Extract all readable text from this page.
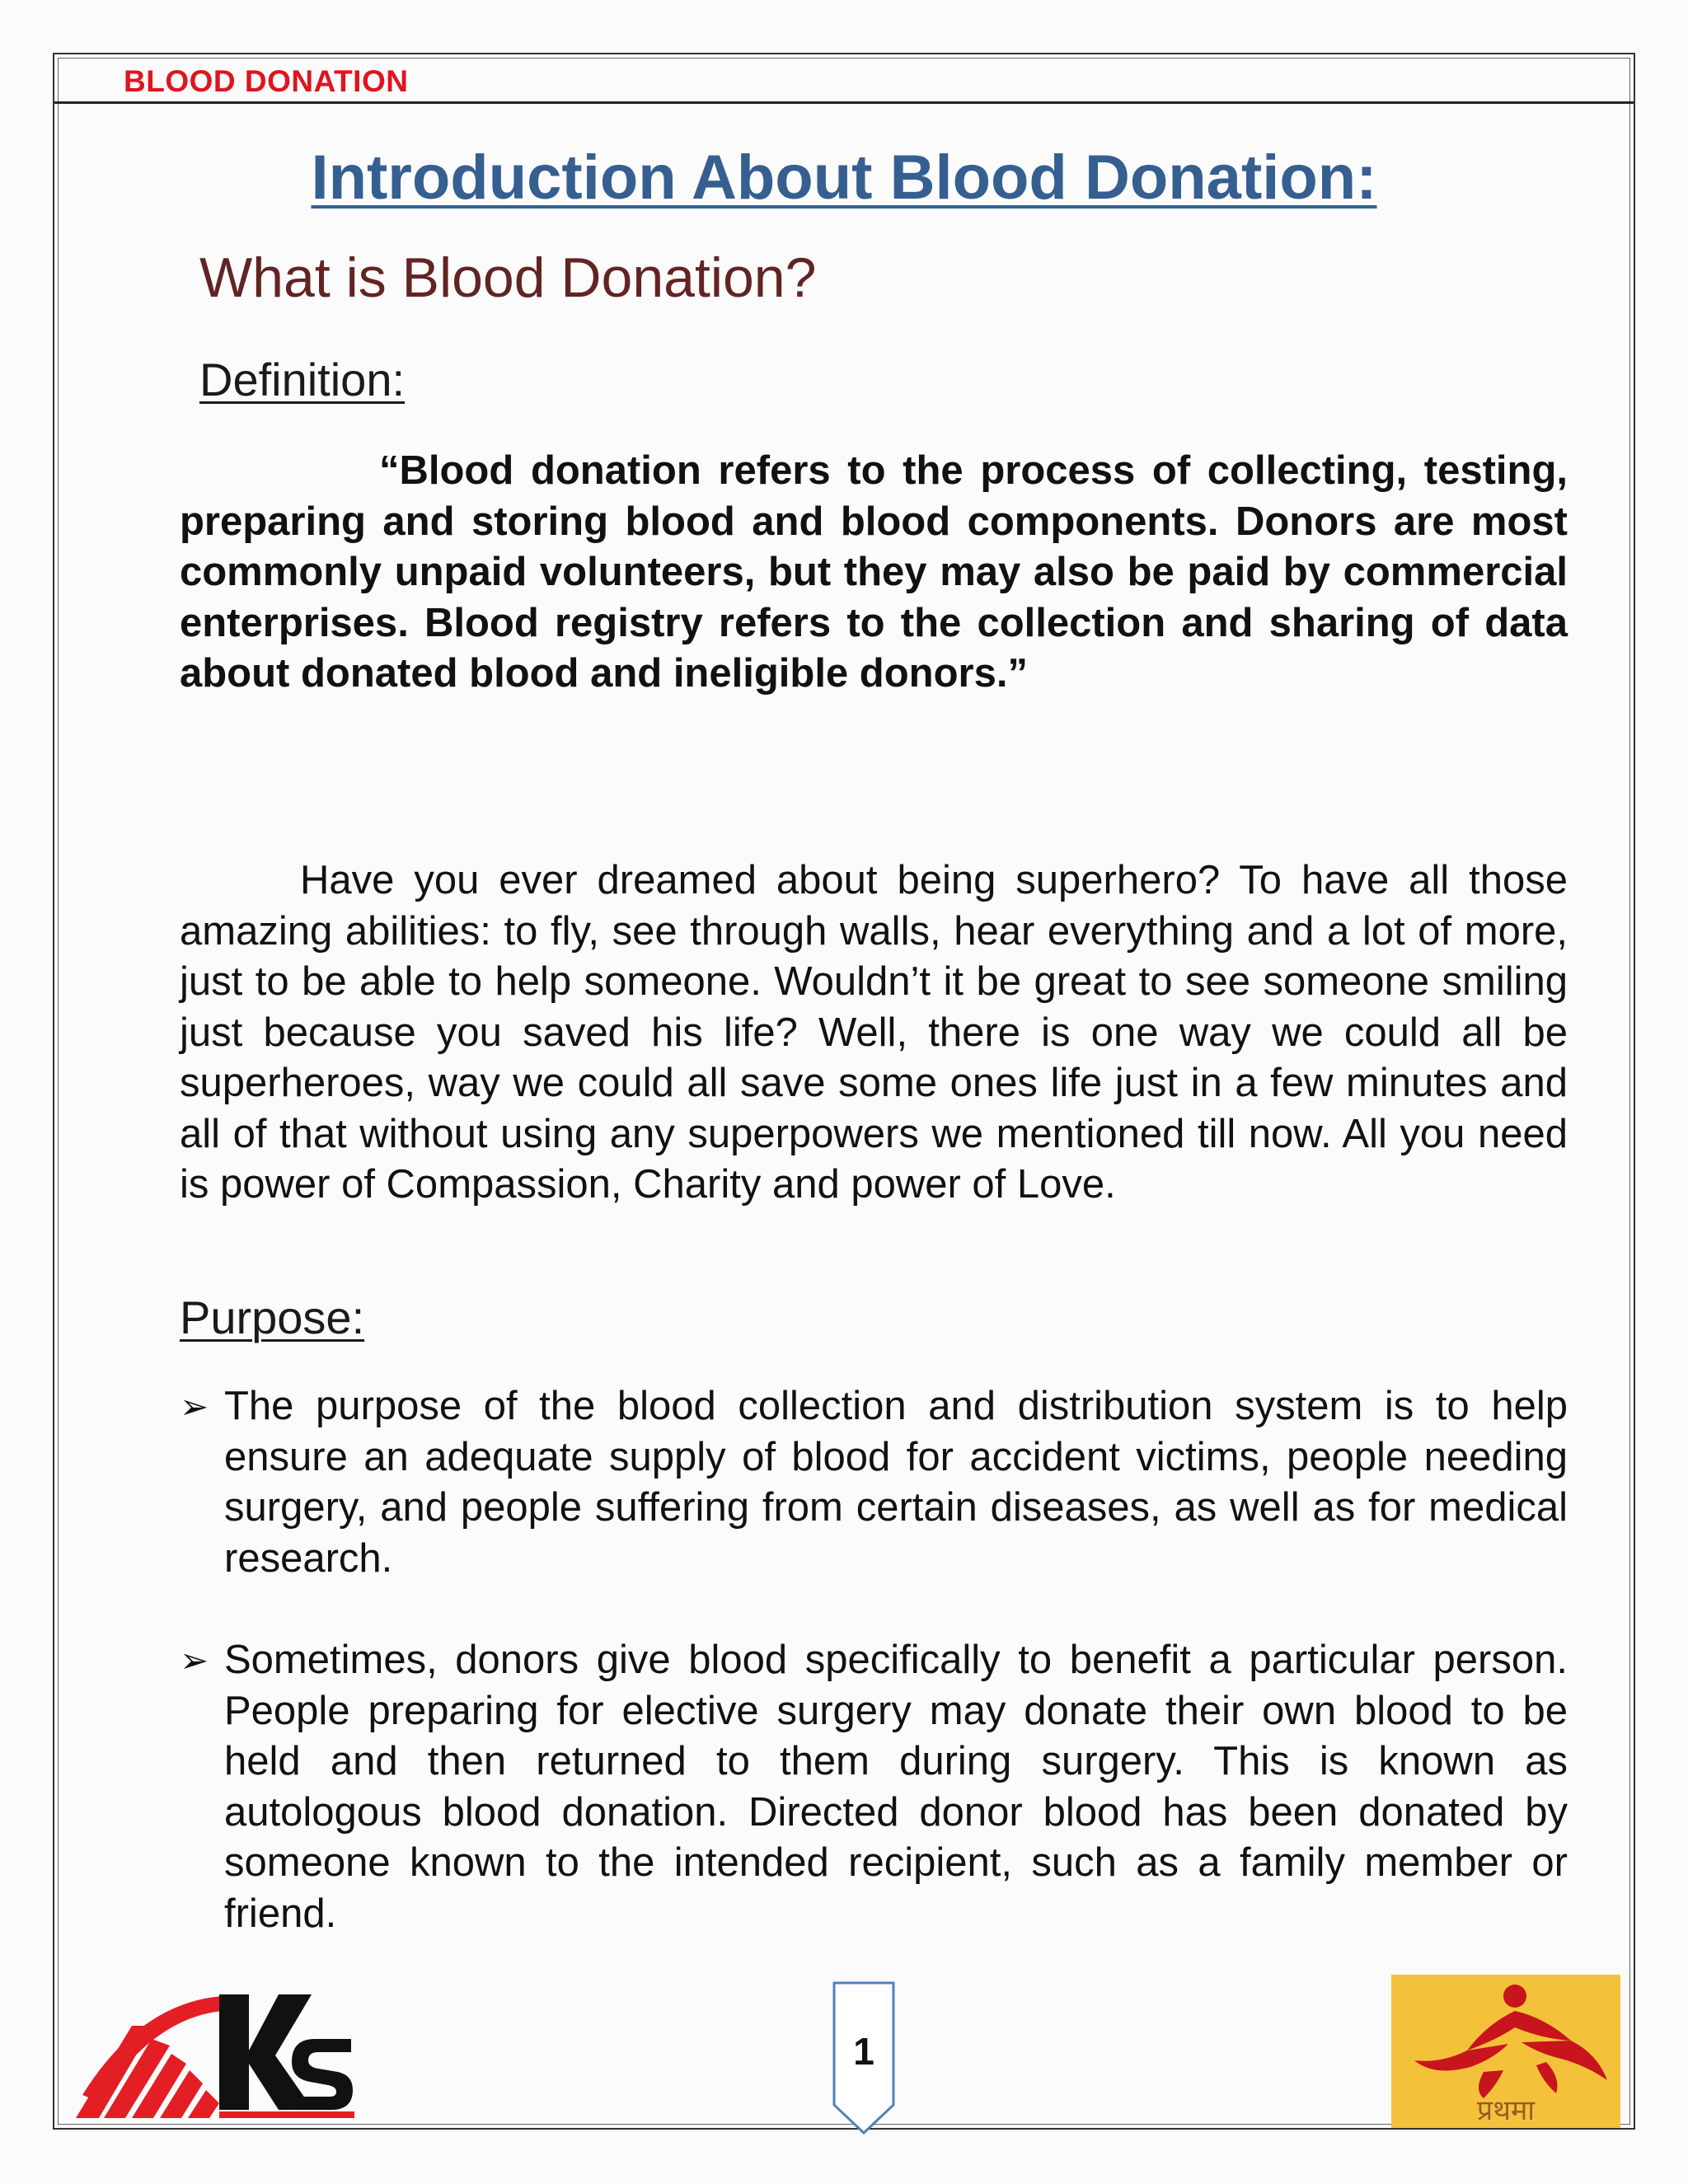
BLOOD DONATION
Introduction About Blood Donation:
What is Blood Donation?
Definition:

“Blood donation refers to the process of collecting, testing, preparing and storing blood and blood components. Donors are most commonly unpaid volunteers, but they may also be paid by commercial enterprises. Blood registry refers to the collection and sharing of data about donated blood and ineligible donors.”

Have you ever dreamed about being superhero? To have all those amazing abilities: to fly, see through walls, hear everything and a lot of more, just to be able to help someone. Wouldn’t it be great to see someone smiling just because you saved his life? Well, there is one way we could all be superheroes, way we could all save some ones life just in a few minutes and all of that without using any superpowers we mentioned till now. All you need is power of Compassion, Charity and power of Love.

Purpose:
➢ The purpose of the blood collection and distribution system is to help ensure an adequate supply of blood for accident victims, people needing surgery, and people suffering from certain diseases, as well as for medical research.
➢ Sometimes, donors give blood specifically to benefit a particular person. People preparing for elective surgery may donate their own blood to be held and then returned to them during surgery. This is known as autologous blood donation. Directed donor blood has been donated by someone known to the intended recipient, such as a family member or friend.
Ks
1
प्रथमा
